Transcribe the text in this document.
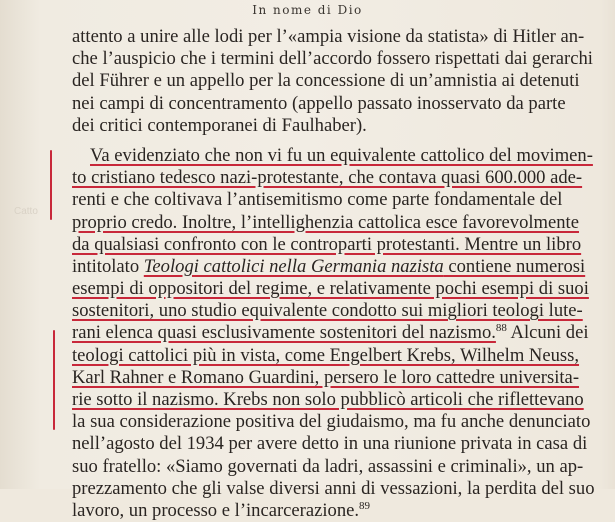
Catto
In nome di Dio
attento a unire alle lodi per l’«ampia visione da statista» di Hitler an-
che l’auspicio che i termini dell’accordo fossero rispettati dai gerarchi
del Führer e un appello per la concessione di un’amnistia ai detenuti
nei campi di concentramento (appello passato inosservato da parte
dei critici contemporanei di Faulhaber).
Va evidenziato che non vi fu un equivalente cattolico del movimen-
to cristiano tedesco nazi-protestante, che contava quasi 600.000 ade-
renti e che coltivava l’antisemitismo come parte fondamentale del
proprio credo. Inoltre, l’intellighenzia cattolica esce favorevolmente
da qualsiasi confronto con le controparti protestanti. Mentre un libro
intitolato Teologi cattolici nella Germania nazista contiene numerosi
esempi di oppositori del regime, e relativamente pochi esempi di suoi
sostenitori, uno studio equivalente condotto sui migliori teologi lute-
rani elenca quasi esclusivamente sostenitori del nazismo.$^{88}$ Alcuni dei
teologi cattolici più in vista, come Engelbert Krebs, Wilhelm Neuss,
Karl Rahner e Romano Guardini, persero le loro cattedre universita-
rie sotto il nazismo. Krebs non solo pubblicò articoli che riflettevano
la sua considerazione positiva del giudaismo, ma fu anche denunciato
nell’agosto del 1934 per avere detto in una riunione privata in casa di
suo fratello: «Siamo governati da ladri, assassini e criminali», un ap-
prezzamento che gli valse diversi anni di vessazioni, la perdita del suo
lavoro, un processo e l’incarcerazione.$^{89}$
